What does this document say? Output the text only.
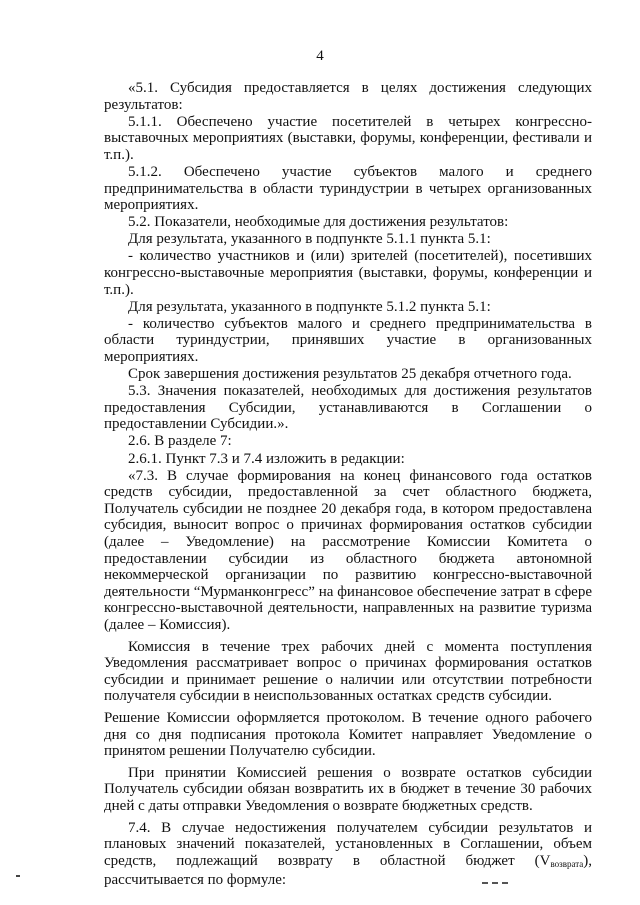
4

«5.1. Субсидия предоставляется в целях достижения следующих результатов:

5.1.1. Обеспечено участие посетителей в четырех конгрессно-выставочных мероприятиях (выставки, форумы, конференции, фестивали и т.п.).

5.1.2. Обеспечено участие субъектов малого и среднего предпринимательства в области туриндустрии в четырех организованных мероприятиях.

5.2. Показатели, необходимые для достижения результатов:

Для результата, указанного в подпункте 5.1.1 пункта 5.1:

- количество участников и (или) зрителей (посетителей), посетивших конгрессно-выставочные мероприятия (выставки, форумы, конференции и т.п.).

Для результата, указанного в подпункте 5.1.2 пункта 5.1:

- количество субъектов малого и среднего предпринимательства в области туриндустрии, принявших участие в организованных мероприятиях.

Срок завершения достижения результатов 25 декабря отчетного года.

5.3. Значения показателей, необходимых для достижения результатов предоставления Субсидии, устанавливаются в Соглашении о предоставлении Субсидии.».

2.6. В разделе 7:

2.6.1. Пункт 7.3 и 7.4 изложить в редакции:

«7.3. В случае формирования на конец финансового года остатков средств субсидии, предоставленной за счет областного бюджета, Получатель субсидии не позднее 20 декабря года, в котором предоставлена субсидия, выносит вопрос о причинах формирования остатков субсидии (далее – Уведомление) на рассмотрение Комиссии Комитета о предоставлении субсидии из областного бюджета автономной некоммерческой организации по развитию конгрессно-выставочной деятельности “Мурманконгресс” на финансовое обеспечение затрат в сфере конгрессно-выставочной деятельности, направленных на развитие туризма (далее – Комиссия).

Комиссия в течение трех рабочих дней с момента поступления Уведомления рассматривает вопрос о причинах формирования остатков субсидии и принимает решение о наличии или отсутствии потребности получателя субсидии в неиспользованных остатках средств субсидии.

Решение Комиссии оформляется протоколом. В течение одного рабочего дня со дня подписания протокола Комитет направляет Уведомление о принятом решении Получателю субсидии.

При принятии Комиссией решения о возврате остатков субсидии Получатель субсидии обязан возвратить их в бюджет в течение 30 рабочих дней с даты отправки Уведомления о возврате бюджетных средств.

7.4. В случае недостижения получателем субсидии результатов и плановых значений показателей, установленных в Соглашении, объем средств, подлежащий возврату в областной бюджет $(V_{возврата})$, рассчитывается по формуле:
